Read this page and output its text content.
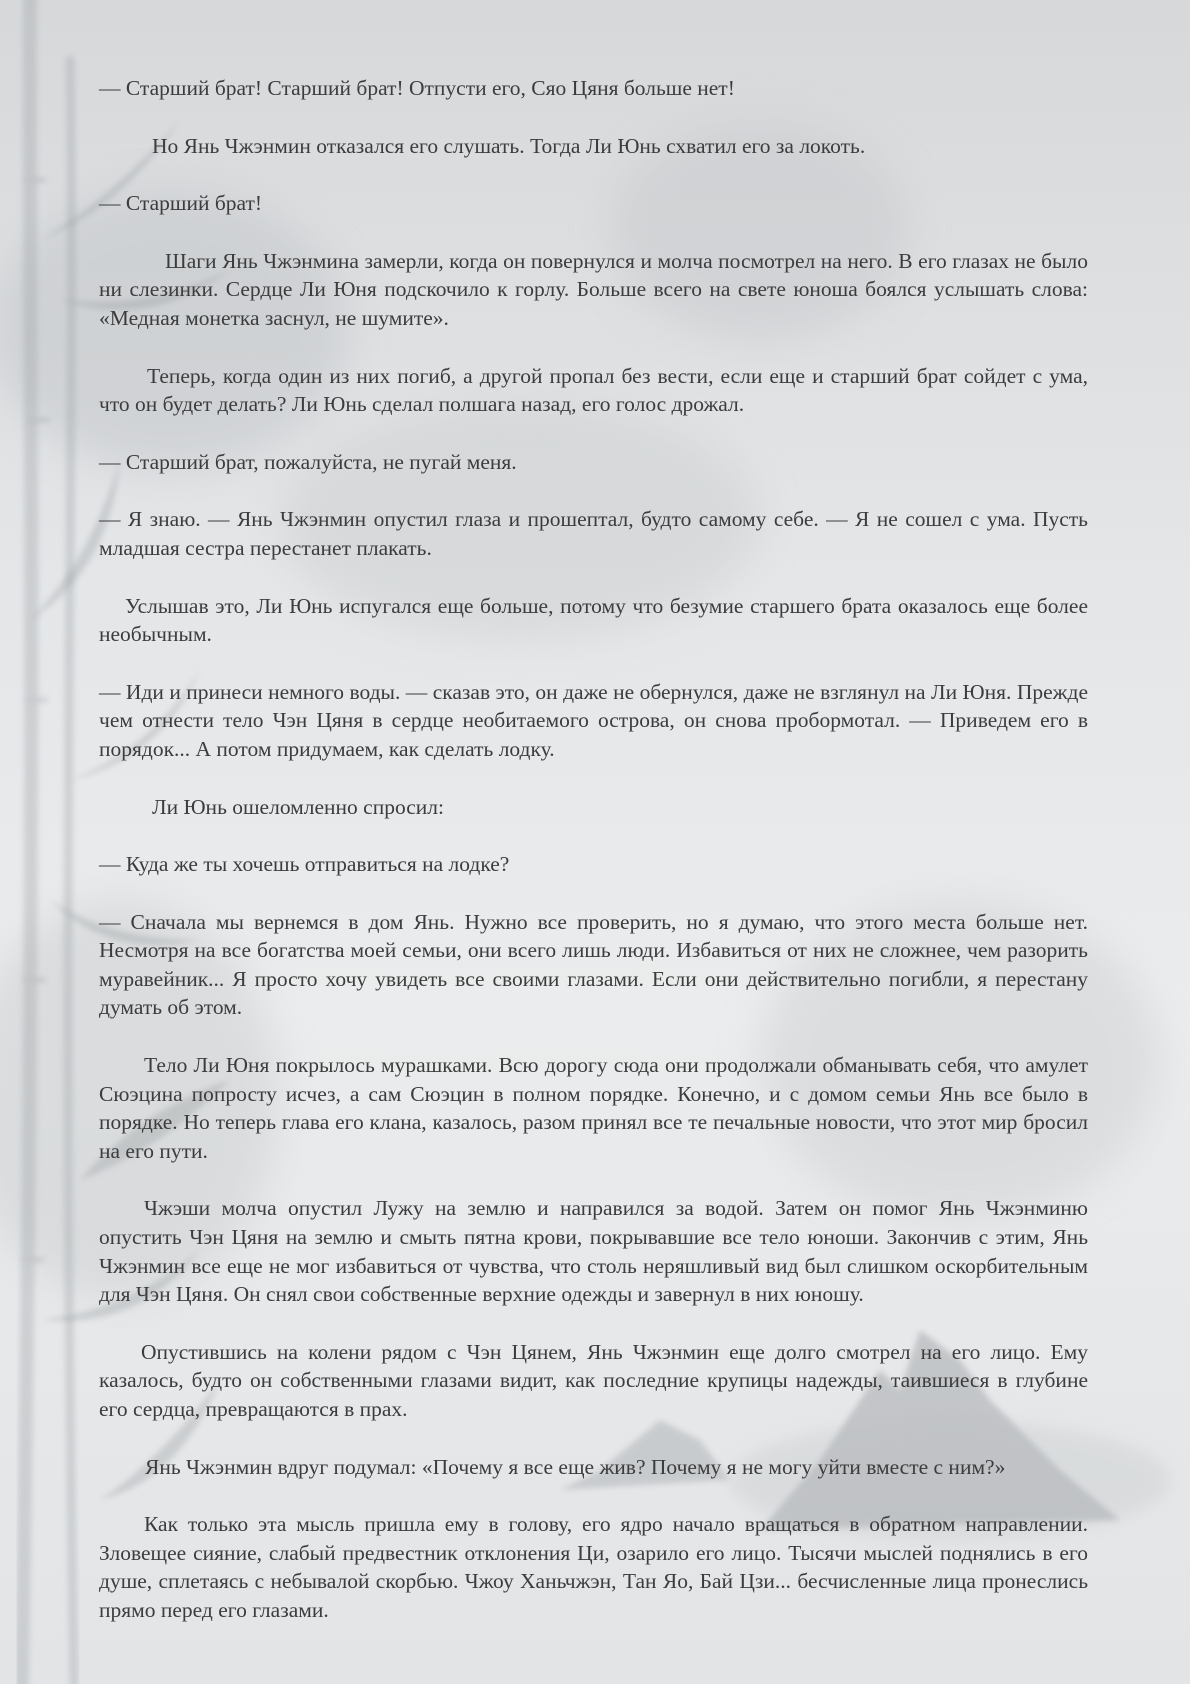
— Старший брат! Старший брат! Отпусти его, Сяо Цяня больше нет!

Но Янь Чжэнмин отказался его слушать. Тогда Ли Юнь схватил его за локоть.

— Старший брат!

Шаги Янь Чжэнмина замерли, когда он повернулся и молча посмотрел на него. В его глазах не было ни слезинки. Сердце Ли Юня подскочило к горлу. Больше всего на свете юноша боялся услышать слова: «Медная монетка заснул, не шумите».

Теперь, когда один из них погиб, а другой пропал без вести, если еще и старший брат сойдет с ума, что он будет делать? Ли Юнь сделал полшага назад, его голос дрожал.

— Старший брат, пожалуйста, не пугай меня.

— Я знаю. — Янь Чжэнмин опустил глаза и прошептал, будто самому себе. — Я не сошел с ума. Пусть младшая сестра перестанет плакать.

Услышав это, Ли Юнь испугался еще больше, потому что безумие старшего брата оказалось еще более необычным.

— Иди и принеси немного воды. — сказав это, он даже не обернулся, даже не взглянул на Ли Юня. Прежде чем отнести тело Чэн Цяня в сердце необитаемого острова, он снова пробормотал. — Приведем его в порядок... А потом придумаем, как сделать лодку.

Ли Юнь ошеломленно спросил:

— Куда же ты хочешь отправиться на лодке?

— Сначала мы вернемся в дом Янь. Нужно все проверить, но я думаю, что этого места больше нет. Несмотря на все богатства моей семьи, они всего лишь люди. Избавиться от них не сложнее, чем разорить муравейник... Я просто хочу увидеть все своими глазами. Если они действительно погибли, я перестану думать об этом.

Тело Ли Юня покрылось мурашками. Всю дорогу сюда они продолжали обманывать себя, что амулет Сюэцина попросту исчез, а сам Сюэцин в полном порядке. Конечно, и с домом семьи Янь все было в порядке. Но теперь глава его клана, казалось, разом принял все те печальные новости, что этот мир бросил на его пути.

Чжэши молча опустил Лужу на землю и направился за водой. Затем он помог Янь Чжэнминю опустить Чэн Цяня на землю и смыть пятна крови, покрывавшие все тело юноши. Закончив с этим, Янь Чжэнмин все еще не мог избавиться от чувства, что столь неряшливый вид был слишком оскорбительным для Чэн Цяня. Он снял свои собственные верхние одежды и завернул в них юношу.

Опустившись на колени рядом с Чэн Цянем, Янь Чжэнмин еще долго смотрел на его лицо. Ему казалось, будто он собственными глазами видит, как последние крупицы надежды, таившиеся в глубине его сердца, превращаются в прах.

Янь Чжэнмин вдруг подумал: «Почему я все еще жив? Почему я не могу уйти вместе с ним?»

Как только эта мысль пришла ему в голову, его ядро начало вращаться в обратном направлении. Зловещее сияние, слабый предвестник отклонения Ци, озарило его лицо. Тысячи мыслей поднялись в его душе, сплетаясь с небывалой скорбью. Чжоу Ханьчжэн, Тан Яо, Бай Цзи... бесчисленные лица пронеслись прямо перед его глазами.
